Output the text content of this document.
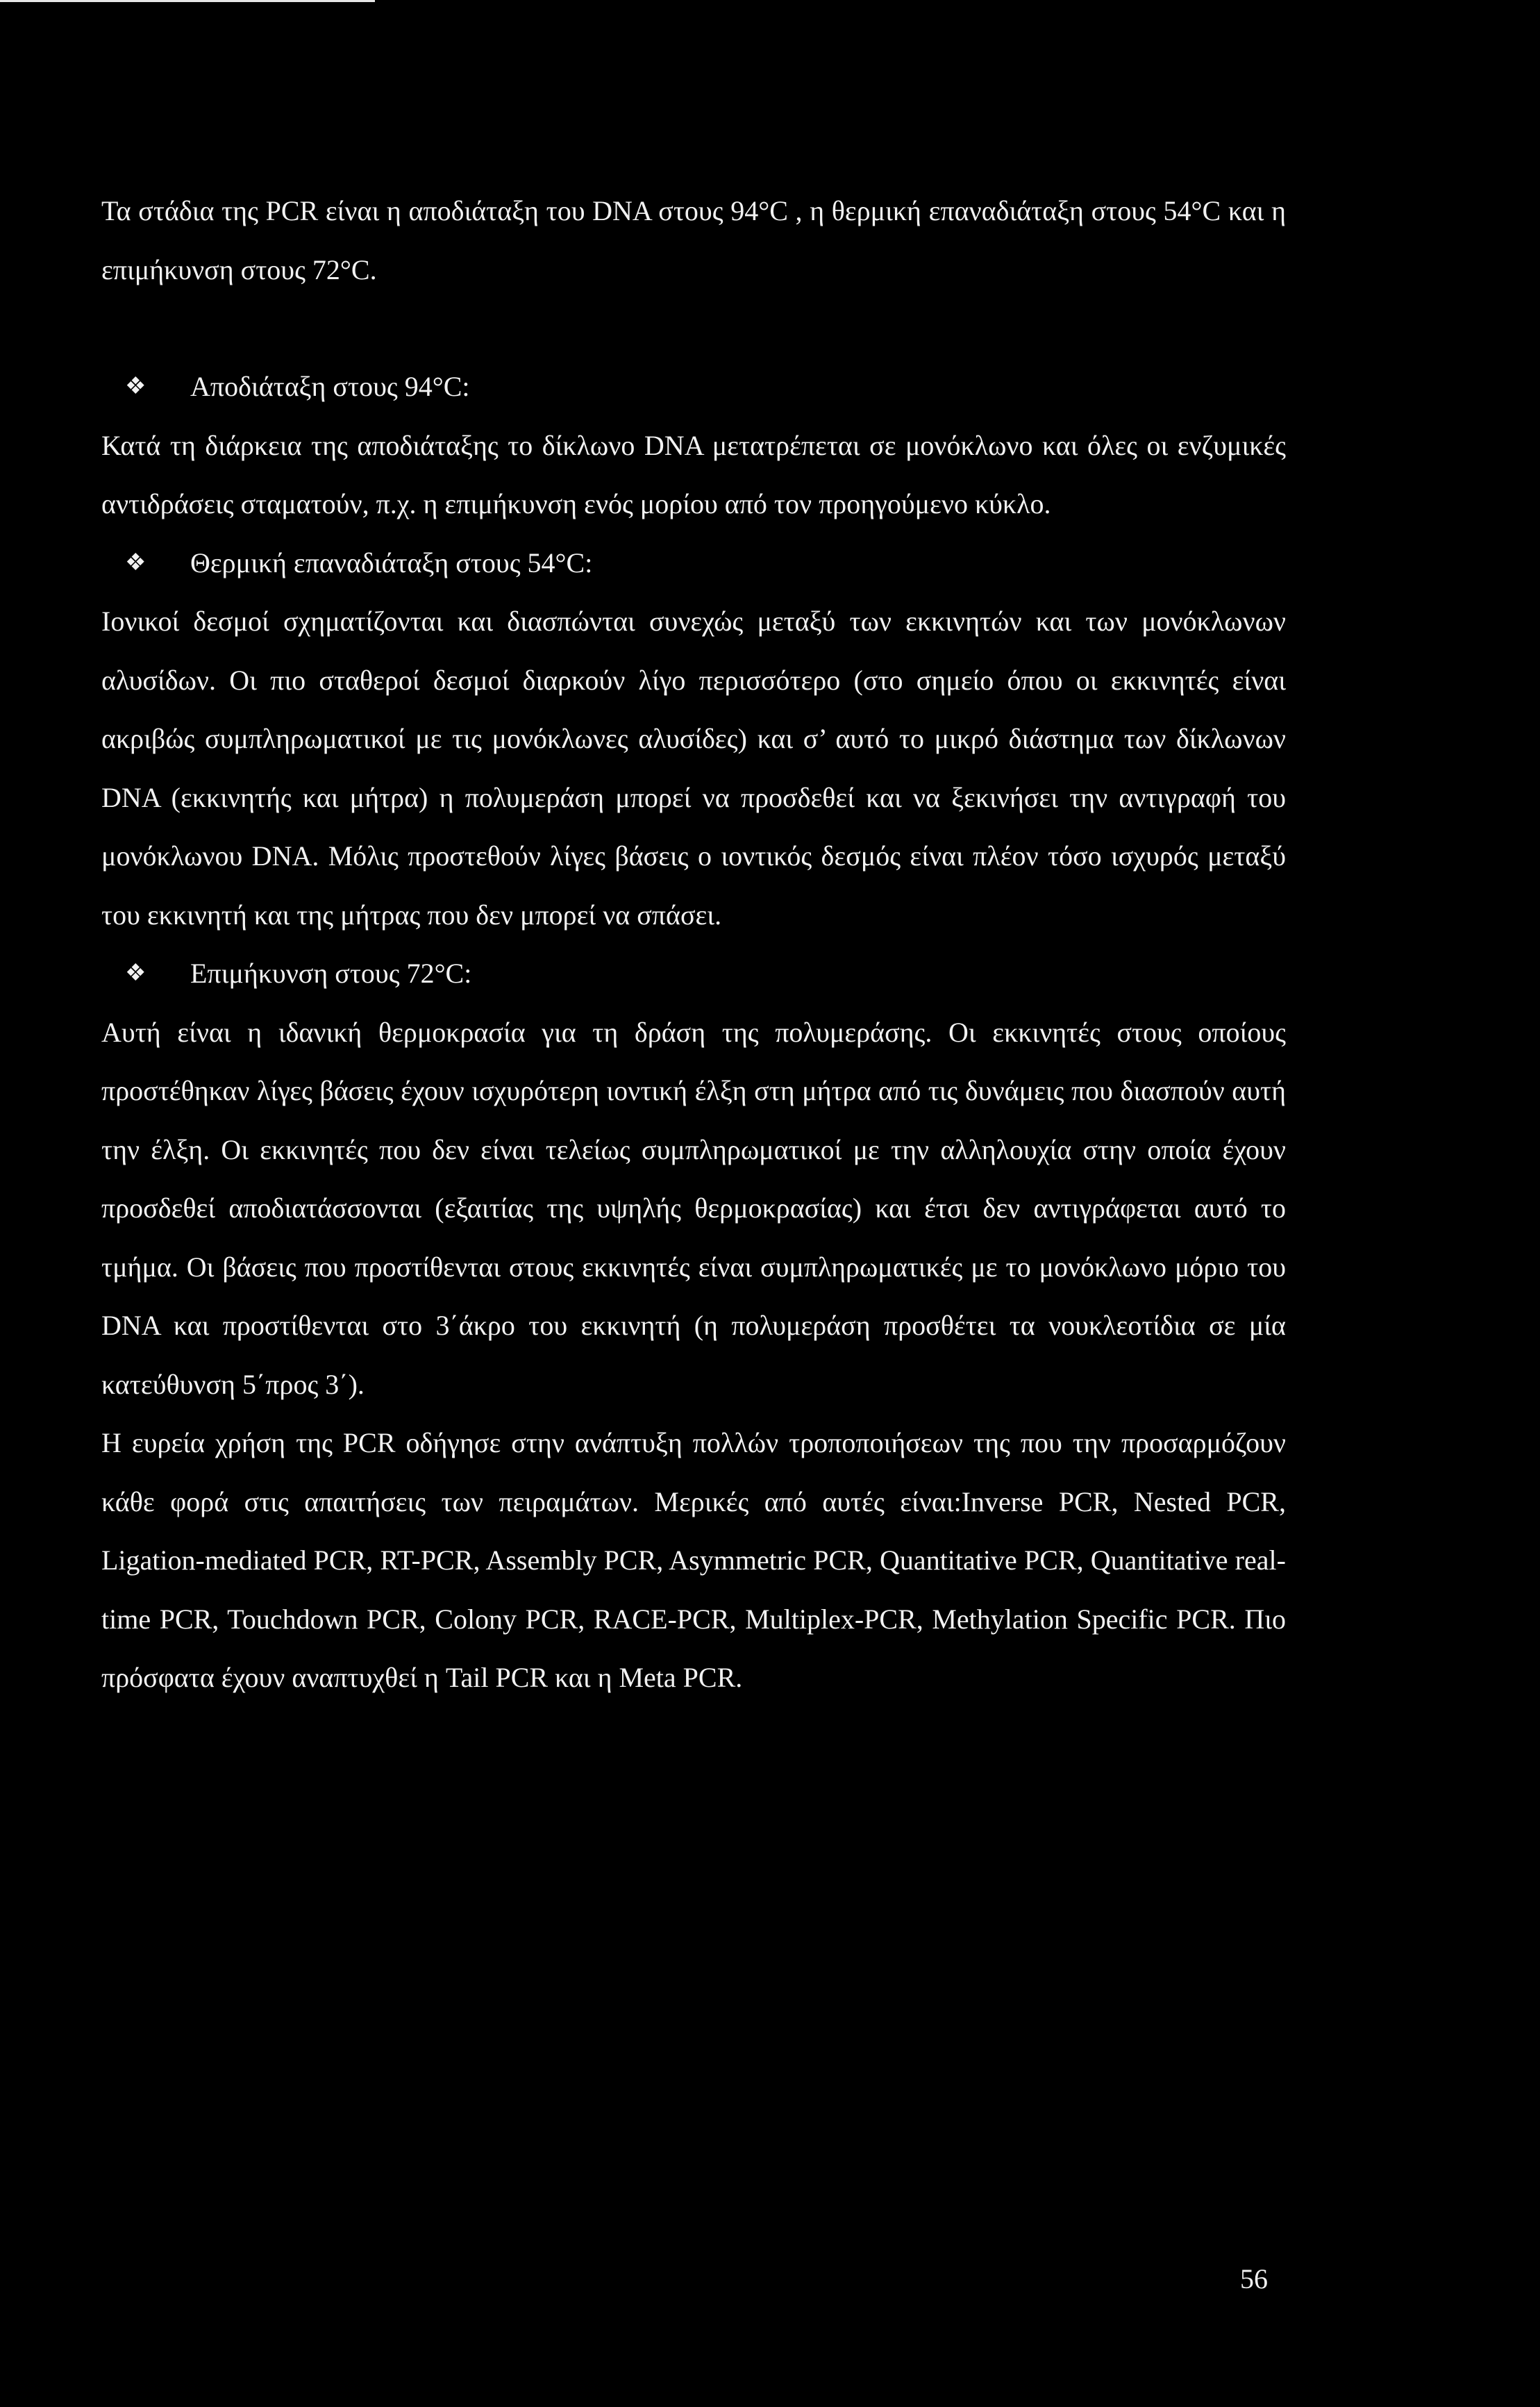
Τα στάδια της PCR είναι η αποδιάταξη του DNA στους 94°C , η θερμική επαναδιάταξη στους 54°C και η επιμήκυνση στους 72°C.

❖	Αποδιάταξη στους 94°C:

Κατά τη διάρκεια της αποδιάταξης το δίκλωνο DNA μετατρέπεται σε μονόκλωνο και όλες οι ενζυμικές αντιδράσεις σταματούν, π.χ. η επιμήκυνση ενός μορίου από τον προηγούμενο κύκλο.

❖	Θερμική επαναδιάταξη στους 54°C:

Ιονικοί δεσμοί σχηματίζονται και διασπώνται συνεχώς μεταξύ των εκκινητών και των μονόκλωνων αλυσίδων. Οι πιο σταθεροί δεσμοί διαρκούν λίγο περισσότερο (στο σημείο όπου οι εκκινητές είναι ακριβώς συμπληρωματικοί με τις μονόκλωνες αλυσίδες) και σ’ αυτό το μικρό διάστημα των δίκλωνων DNA (εκκινητής και μήτρα) η πολυμεράση μπορεί να προσδεθεί και να ξεκινήσει την αντιγραφή του μονόκλωνου DNA. Μόλις προστεθούν λίγες βάσεις ο ιοντικός δεσμός είναι πλέον τόσο ισχυρός μεταξύ του εκκινητή και της μήτρας που δεν μπορεί να σπάσει.

❖	Επιμήκυνση στους 72°C:

Αυτή είναι η ιδανική θερμοκρασία για τη δράση της πολυμεράσης. Οι εκκινητές στους οποίους προστέθηκαν λίγες βάσεις έχουν ισχυρότερη ιοντική έλξη στη μήτρα από τις δυνάμεις που διασπούν αυτή την έλξη. Οι εκκινητές που δεν είναι τελείως συμπληρωματικοί με την αλληλουχία στην οποία έχουν προσδεθεί αποδιατάσσονται (εξαιτίας της υψηλής θερμοκρασίας) και έτσι δεν αντιγράφεται αυτό το τμήμα. Οι βάσεις που προστίθενται στους εκκινητές είναι συμπληρωματικές με το μονόκλωνο μόριο του DNA και προστίθενται στο 3΄άκρο του εκκινητή (η πολυμεράση προσθέτει τα νουκλεοτίδια σε μία κατεύθυνση 5΄προς 3΄).

Η ευρεία χρήση της PCR οδήγησε στην ανάπτυξη πολλών τροποποιήσεων της που την προσαρμόζουν κάθε φορά στις απαιτήσεις των πειραμάτων. Μερικές από αυτές είναι:Inverse PCR, Nested PCR, Ligation-mediated PCR, RT-PCR, Assembly PCR, Asymmetric PCR, Quantitative PCR, Quantitative real-time PCR, Touchdown PCR, Colony PCR, RACE-PCR, Multiplex-PCR, Methylation Specific PCR. Πιο πρόσφατα έχουν αναπτυχθεί η Tail PCR και η Meta PCR.

56
